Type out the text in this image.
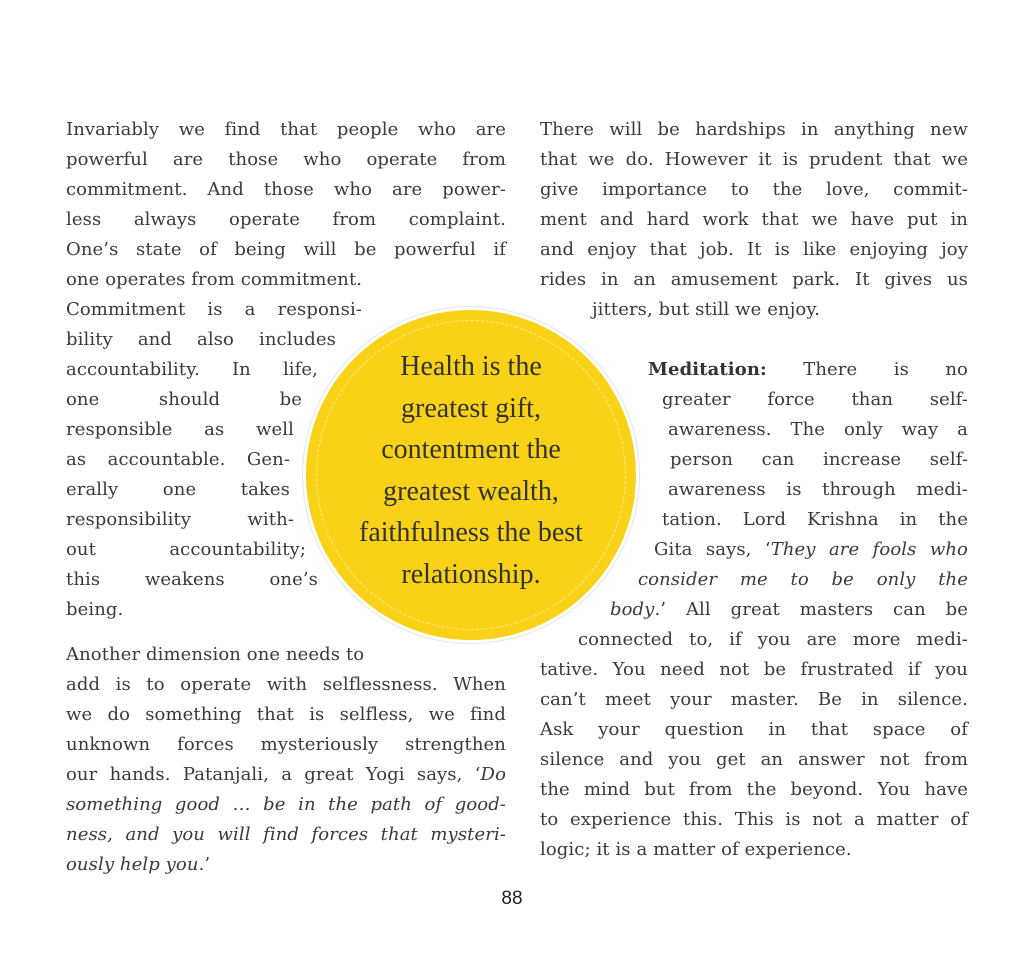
Invariably we find that people who are
powerful are those who operate from
commitment. And those who are power-
less always operate from complaint.
One’s state of being will be powerful if
one operates from commitment.
Commitment is a responsi-
bility and also includes
accountability. In life,
one should be
responsible as well
as accountable. Gen-
erally one takes
responsibility with-
out accountability;
this weakens one’s
being.
Another dimension one needs to
add is to operate with selflessness. When
we do something that is selfless, we find
unknown forces mysteriously strengthen
our hands. Patanjali, a great Yogi says, ‘Do
something good … be in the path of good-
ness, and you will find forces that mysteri-
ously help you.’
There will be hardships in anything new
that we do. However it is prudent that we
give importance to the love, commit-
ment and hard work that we have put in
and enjoy that job. It is like enjoying joy
rides in an amusement park. It gives us
jitters, but still we enjoy.
Meditation: There is no
greater force than self-
awareness. The only way a
person can increase self-
awareness is through medi-
tation. Lord Krishna in the
Gita says, ‘They are fools who
consider me to be only the
body.’ All great masters can be
connected to, if you are more medi-
tative. You need not be frustrated if you
can’t meet your master. Be in silence.
Ask your question in that space of
silence and you get an answer not from
the mind but from the beyond. You have
to experience this. This is not a matter of
logic; it is a matter of experience.
Health is the
greatest gift,
contentment the
greatest wealth,
faithfulness the best
relationship.
88
